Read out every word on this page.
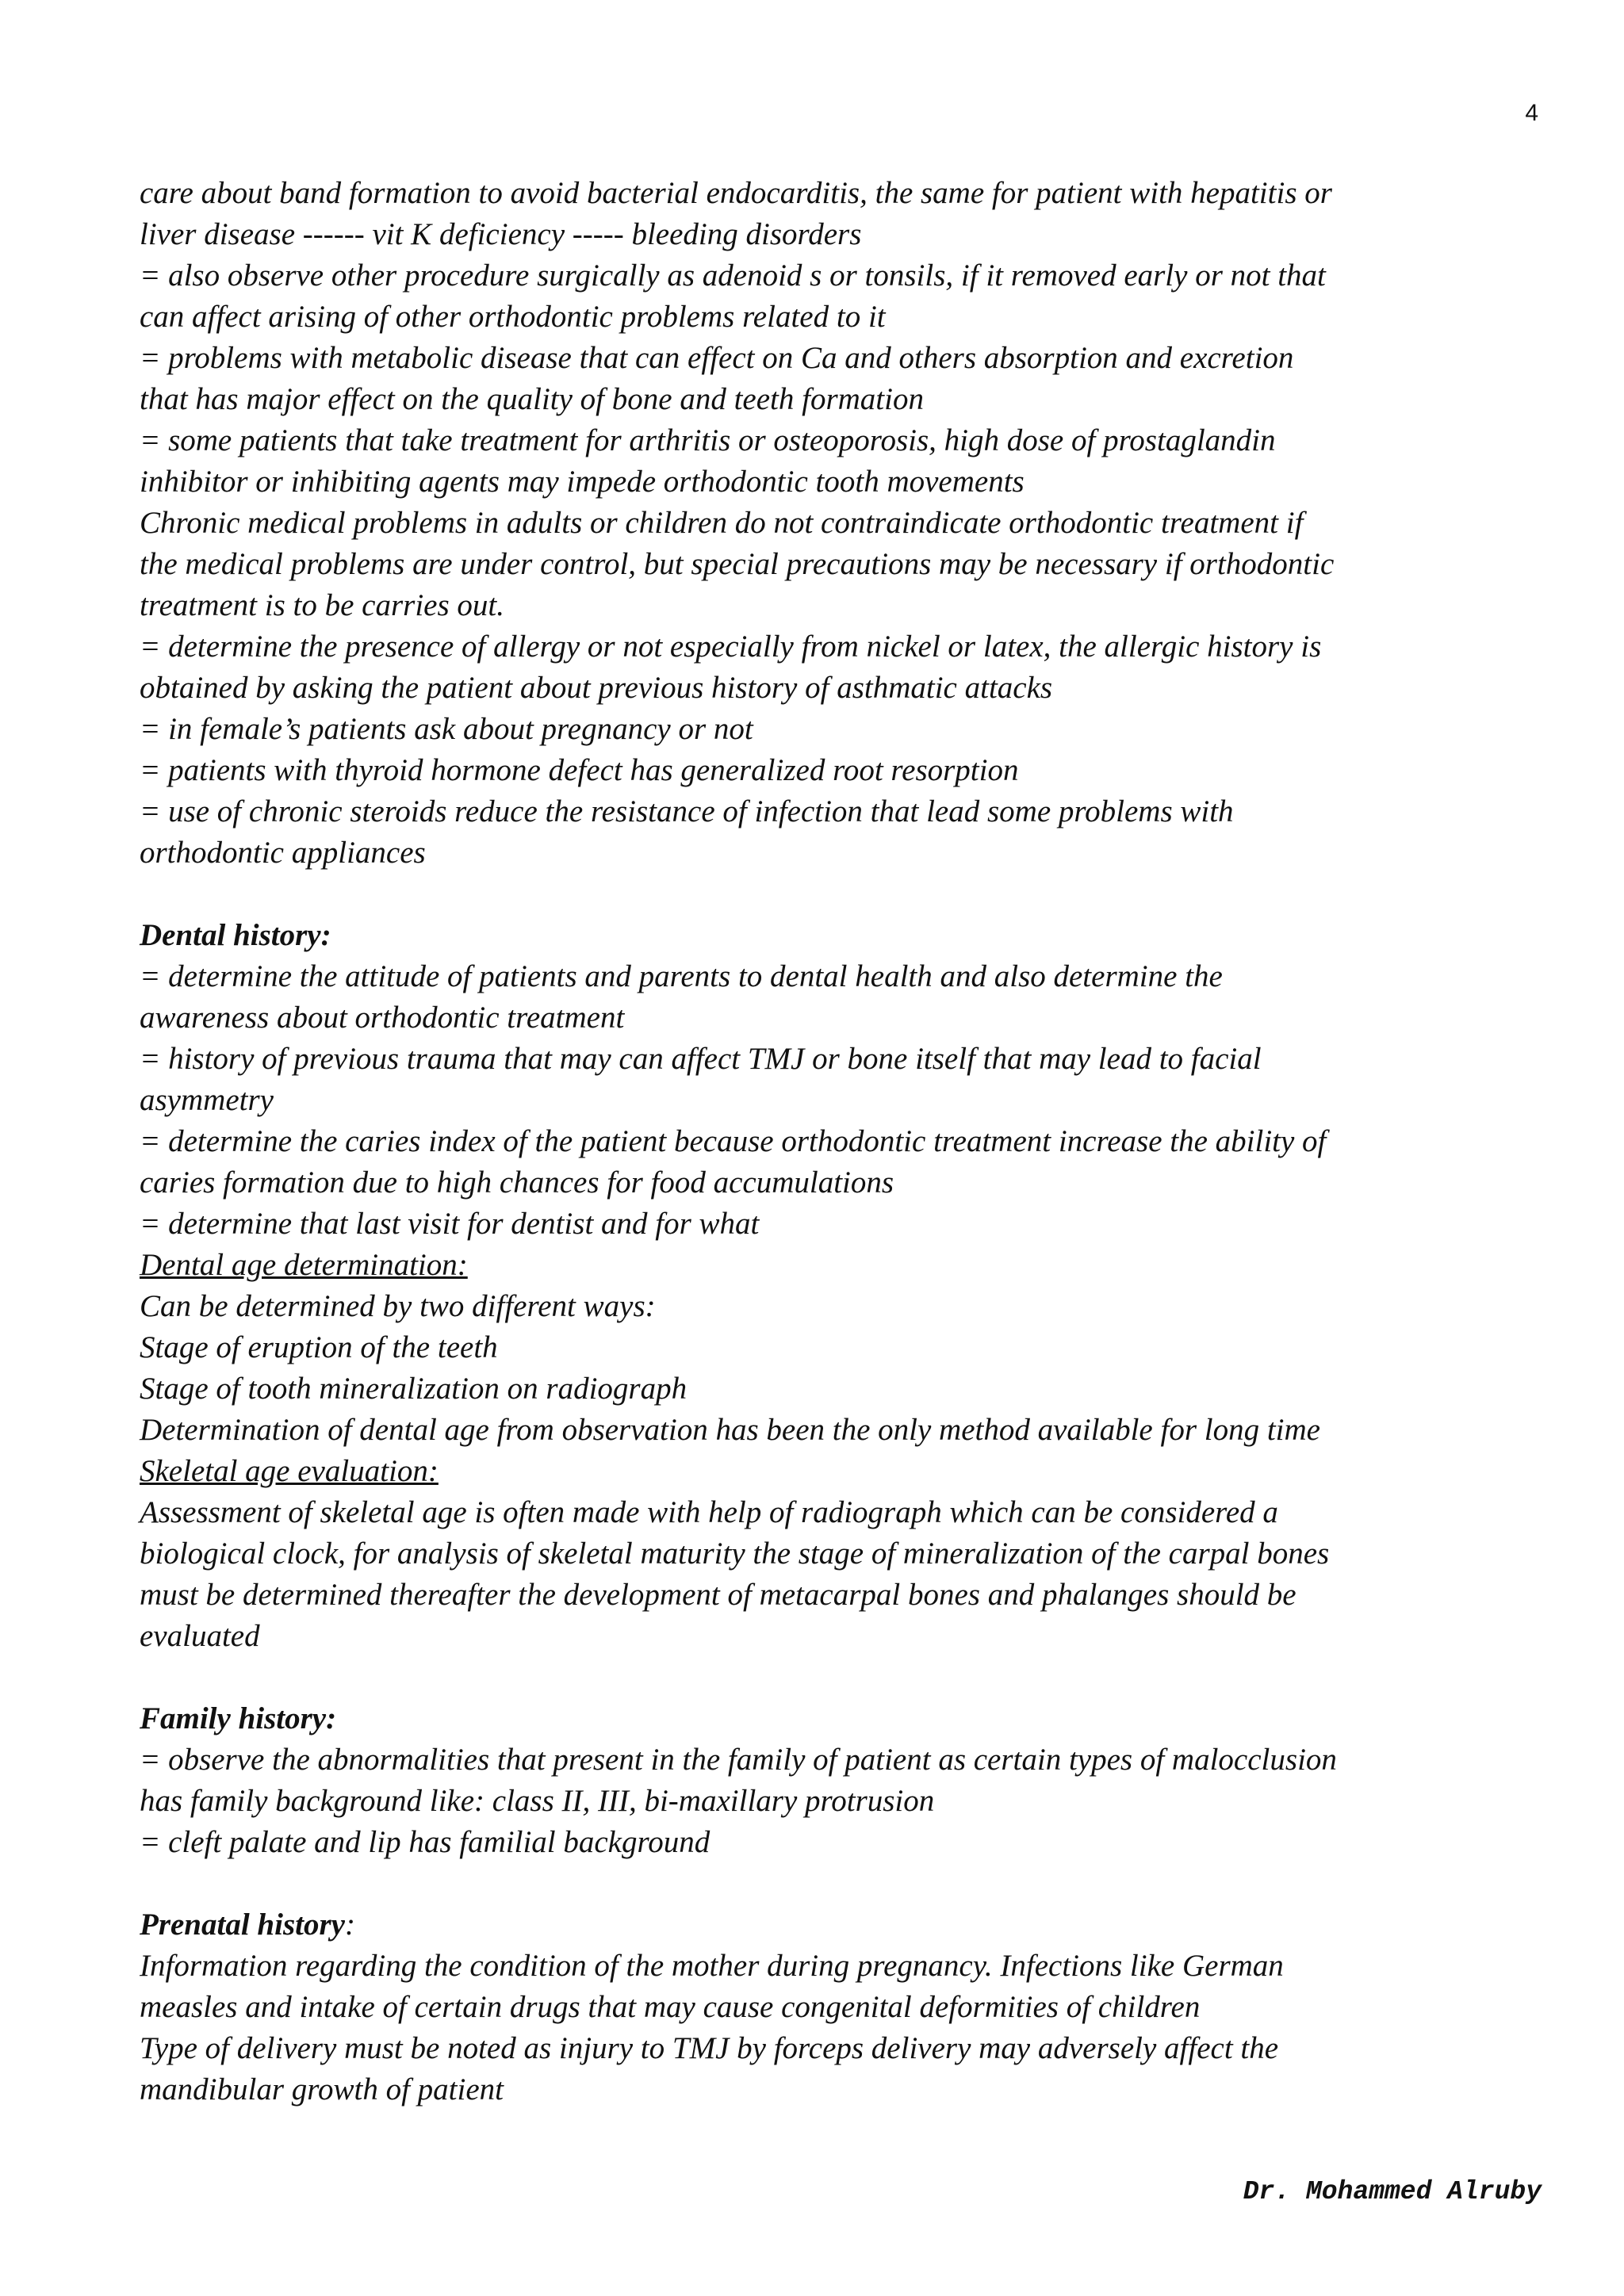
4
care about band formation to avoid bacterial endocarditis, the same for patient with hepatitis or
liver disease ------ vit K deficiency ----- bleeding disorders
= also observe other procedure surgically as adenoid s or tonsils, if it removed early or not that
can affect arising of other orthodontic problems related to it
= problems with metabolic disease that can effect on Ca and others absorption and excretion
that has major effect on the quality of bone and teeth formation
= some patients that take treatment for arthritis or osteoporosis, high dose of prostaglandin
inhibitor or inhibiting agents may impede orthodontic tooth movements
Chronic medical problems in adults or children do not contraindicate orthodontic treatment if
the medical problems are under control, but special precautions may be necessary if orthodontic
treatment is to be carries out.
= determine the presence of allergy or not especially from nickel or latex, the allergic history is
obtained by asking the patient about previous history of asthmatic attacks
= in female’s patients ask about pregnancy or not
= patients with thyroid hormone defect has generalized root resorption
= use of chronic steroids reduce the resistance of infection that lead some problems with
orthodontic appliances
Dental history:
= determine the attitude of patients and parents to dental health and also determine the
awareness about orthodontic treatment
= history of previous trauma that may can affect TMJ or bone itself that may lead to facial
asymmetry
= determine the caries index of the patient because orthodontic treatment increase the ability of
caries formation due to high chances for food accumulations
= determine that last visit for dentist and for what
Dental age determination:
Can be determined by two different ways:
Stage of eruption of the teeth
Stage of tooth mineralization on radiograph
Determination of dental age from observation has been the only method available for long time
Skeletal age evaluation:
Assessment of skeletal age is often made with help of radiograph which can be considered a
biological clock, for analysis of skeletal maturity the stage of mineralization of the carpal bones
must be determined thereafter the development of metacarpal bones and phalanges should be
evaluated
Family history:
= observe the abnormalities that present in the family of patient as certain types of malocclusion
has family background like: class II, III, bi-maxillary protrusion
= cleft palate and lip has familial background
Prenatal history:
Information regarding the condition of the mother during pregnancy. Infections like German
measles and intake of certain drugs that may cause congenital deformities of children
Type of delivery must be noted as injury to TMJ by forceps delivery may adversely affect the
mandibular growth of patient
Dr. Mohammed Alruby
